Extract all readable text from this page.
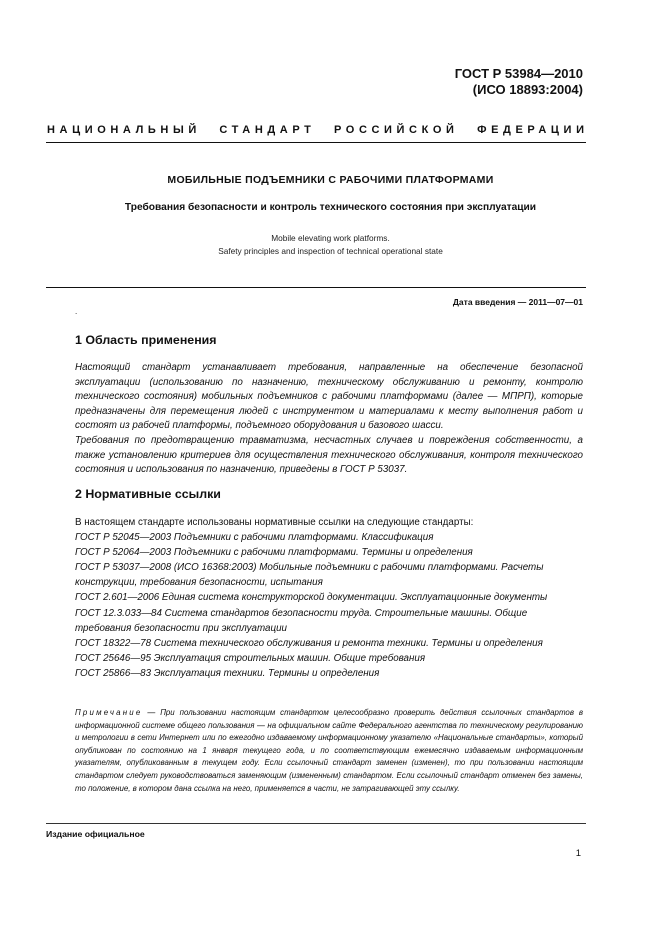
ГОСТ Р 53984—2010
(ИСО 18893:2004)
НАЦИОНАЛЬНЫЙ СТАНДАРТ РОССИЙСКОЙ ФЕДЕРАЦИИ
МОБИЛЬНЫЕ ПОДЪЕМНИКИ С РАБОЧИМИ ПЛАТФОРМАМИ
Требования безопасности и контроль технического состояния при эксплуатации
Mobile elevating work platforms.
Safety principles and inspection of technical operational state
Дата введения — 2011—07—01
.
1 Область применения

Настоящий стандарт устанавливает требования, направленные на обеспечение безопасной эксплуатации (использованию по назначению, техническому обслуживанию и ремонту, контролю технического состояния) мобильных подъемников с рабочими платформами (далее — МПРП), которые предназначены для перемещения людей с инструментом и материалами к месту выполнения работ и состоят из рабочей платформы, подъемного оборудования и базового шасси.

Требования по предотвращению травматизма, несчастных случаев и повреждения собственности, а также установлению критериев для осуществления технического обслуживания, контроля технического состояния и использования по назначению, приведены в ГОСТ Р 53037.

2 Нормативные ссылки
В настоящем стандарте использованы нормативные ссылки на следующие стандарты:
ГОСТ Р 52045—2003 Подъемники с рабочими платформами. Классификация
ГОСТ Р 52064—2003 Подъемники с рабочими платформами. Термины и определения
ГОСТ Р 53037—2008 (ИСО 16368:2003) Мобильные подъемники с рабочими платформами. Расчеты конструкции, требования безопасности, испытания
ГОСТ 2.601—2006 Единая система конструкторской документации. Эксплуатационные документы
ГОСТ 12.3.033—84 Система стандартов безопасности труда. Строительные машины. Общие требования безопасности при эксплуатации
ГОСТ 18322—78 Система технического обслуживания и ремонта техники. Термины и определения
ГОСТ 25646—95 Эксплуатация строительных машин. Общие требования
ГОСТ 25866—83 Эксплуатация техники. Термины и определения
Примечание — При пользовании настоящим стандартом целесообразно проверить действия ссылочных стандартов в информационной системе общего пользования — на официальном сайте Федерального агентства по техническому регулированию и метрологии в сети Интернет или по ежегодно издаваемому информационному указателю «Национальные стандарты», который опубликован по состоянию на 1 января текущего года, и по соответствующим ежемесячно издаваемым информационным указателям, опубликованным в текущем году. Если ссылочный стандарт заменен (изменен), то при пользовании настоящим стандартом следует руководствоваться заменяющим (измененным) стандартом. Если ссылочный стандарт отменен без замены, то положение, в котором дана ссылка на него, применяется в части, не затрагивающей эту ссылку.
Издание официальное
1
